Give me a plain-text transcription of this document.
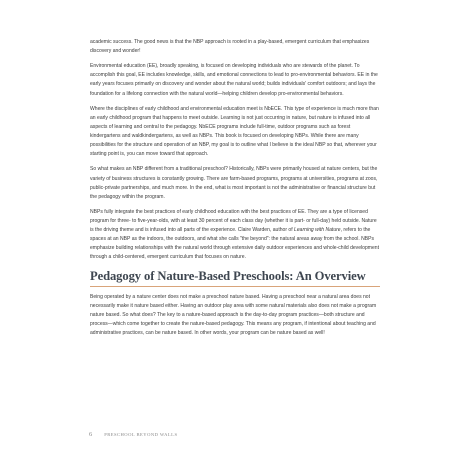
academic success. The good news is that the NBP approach is rooted in a play-based, emergent curriculum that emphasizes discovery and wonder!

Environmental education (EE), broadly speaking, is focused on developing individuals who are stewards of the planet. To accomplish this goal, EE includes knowledge, skills, and emotional connections to lead to pro-environmental behaviors. EE in the early years focuses primarily on discovery and wonder about the natural world; builds individuals' comfort outdoors; and lays the foundation for a lifelong connection with the natural world—helping children develop pro-environmental behaviors.

Where the disciplines of early childhood and environmental education meet is NbECE. This type of experience is much more than an early childhood program that happens to meet outside. Learning is not just occurring in nature, but nature is infused into all aspects of learning and central to the pedagogy. NbECE programs include full-time, outdoor programs such as forest kindergartens and waldkindergartens, as well as NBPs. This book is focused on developing NBPs. While there are many possibilities for the structure and operation of an NBP, my goal is to outline what I believe is the ideal NBP so that, wherever your starting point is, you can move toward that approach.

So what makes an NBP different from a traditional preschool? Historically, NBPs were primarily housed at nature centers, but the variety of business structures is constantly growing. There are farm-based programs, programs at universities, programs at zoos, public-private partnerships, and much more. In the end, what is most important is not the administrative or financial structure but the pedagogy within the program.

NBPs fully integrate the best practices of early childhood education with the best practices of EE. They are a type of licensed program for three- to five-year-olds, with at least 30 percent of each class day (whether it is part- or full-day) held outside. Nature is the driving theme and is infused into all parts of the experience. Claire Warden, author of Learning with Nature, refers to the spaces at an NBP as the indoors, the outdoors, and what she calls "the beyond": the natural areas away from the school. NBPs emphasize building relationships with the natural world through extensive daily outdoor experiences and whole-child development through a child-centered, emergent curriculum that focuses on nature.

Pedagogy of Nature-Based Preschools: An Overview

Being operated by a nature center does not make a preschool nature based. Having a preschool near a natural area does not necessarily make it nature based either. Having an outdoor play area with some natural materials also does not make a program nature based. So what does? The key to a nature-based approach is the day-to-day program practices—both structure and process—which come together to create the nature-based pedagogy. This means any program, if intentional about teaching and administrative practices, can be nature based. In other words, your program can be nature based as well!

6	PRESCHOOL BEYOND WALLS
